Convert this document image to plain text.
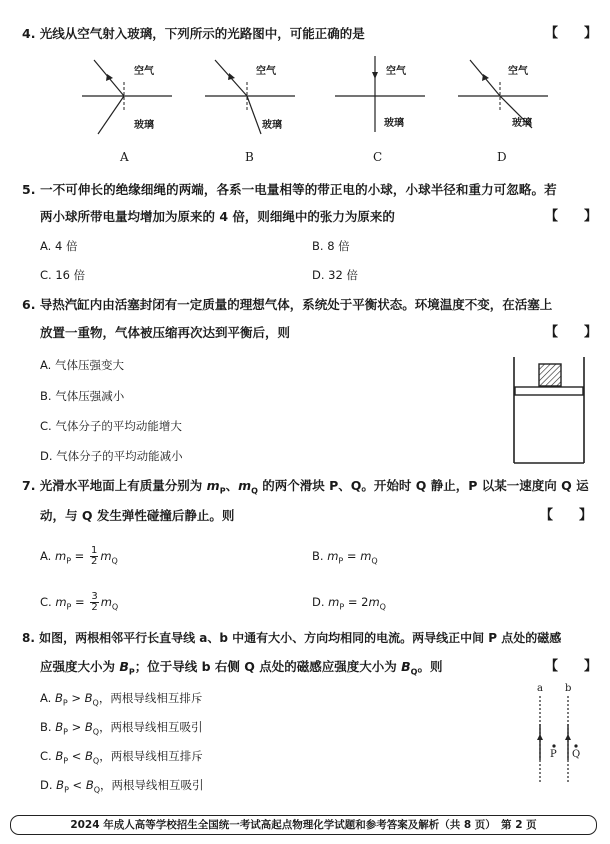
4. 光线从空气射入玻璃，下列所示的光路图中，可能正确的是	【　　】
空气
玻璃
A
空气
玻璃
B
空气
玻璃
C
空气
玻璃
D
5. 一不可伸长的绝缘细绳的两端，各系一电量相等的带正电的小球，小球半径和重力可忽略。若
两小球所带电量均增加为原来的 4 倍，则细绳中的张力为原来的	【　　】
A. 4 倍	B. 8 倍
C. 16 倍	D. 32 倍
6. 导热汽缸内由活塞封闭有一定质量的理想气体，系统处于平衡状态。环境温度不变，在活塞上
放置一重物，气体被压缩再次达到平衡后，则	【　　】
A. 气体压强变大
B. 气体压强减小
C. 气体分子的平均动能增大
D. 气体分子的平均动能减小
7. 光滑水平地面上有质量分别为 $m_P$、$m_Q$ 的两个滑块 P、Q。开始时 Q 静止，P 以某一速度向 Q 运
动，与 Q 发生弹性碰撞后静止。则	【　　】
A. $m_P = \frac{1}{2} m_Q$	B. $m_P = m_Q$
C. $m_P = \frac{3}{2} m_Q$	D. $m_P = 2m_Q$
8. 如图，两根相邻平行长直导线 a、b 中通有大小、方向均相同的电流。两导线正中间 P 点处的磁感
应强度大小为 $B_P$；位于导线 b 右侧 Q 点处的磁感应强度大小为 $B_Q$。则	【　　】
A. $B_P > B_Q$，两根导线相互排斥
B. $B_P > B_Q$，两根导线相互吸引
C. $B_P < B_Q$，两根导线相互排斥
D. $B_P < B_Q$，两根导线相互吸引
a b
P Q
2024 年成人高等学校招生全国统一考试高起点物理化学试题和参考答案及解析（共 8 页）　第 2 页
